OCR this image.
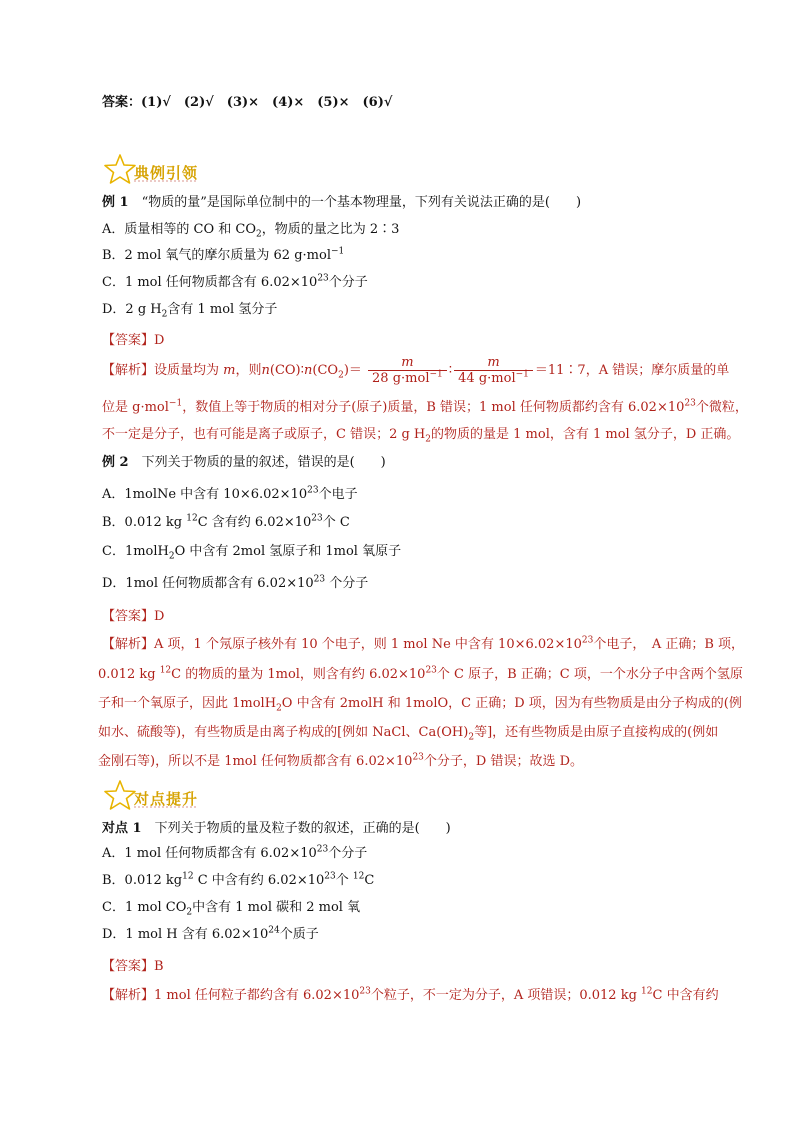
答案：(1)√　(2)√　(3)×　(4)×　(5)×　(6)√
典例引领
例 1　“物质的量”是国际单位制中的一个基本物理量，下列有关说法正确的是(　　)
A．质量相等的 CO 和 $CO_2$，物质的量之比为 2∶3
B．2 mol 氧气的摩尔质量为 62 g·mol$^{-1}$
C．1 mol 任何物质都含有 $6.02\times 10^{23}$个分子
D．2 g $H_2$含有 1 mol 氢分子
【答案】D
【解析】设质量均为 m，则$n(CO)∶n(CO_2)= \frac{m}{28 g\cdot mol^{-1}}$ ∶ $\frac{m}{44 g\cdot mol^{-1}}$ ＝11∶7，A 错误；摩尔质量的单
位是 g·mol$^{-1}$，数值上等于物质的相对分子(原子)质量，B 错误；1 mol 任何物质都约含有 $6.02\times 10^{23}$个微粒，
不一定是分子，也有可能是离子或原子，C 错误；2 g $H_2$的物质的量是 1 mol，含有 1 mol 氢分子，D 正确。
例 2　下列关于物质的量的叙述，错误的是(　　)
A．1molNe 中含有 $10\times 6.02\times 10^{23}$个电子
B．0.012 kg $^{12}$C 含有约 $6.02\times 10^{23}$个 C
C．1molH$_2$O 中含有 2mol 氢原子和 1mol 氧原子
D．1mol 任何物质都含有 $6.02\times 10^{23}$ 个分子
【答案】D
【解析】A 项，1 个氖原子核外有 10 个电子，则 1 mol Ne 中含有 $10\times 6.02\times 10^{23}$个电子，　A 正确；B 项，
0.012 kg $^{12}$C 的物质的量为 1mol，则含有约 $6.02\times 10^{23}$个 C 原子，B 正确；C 项，一个水分子中含两个氢原
子和一个氧原子，因此 1molH$_2$O 中含有 2molH 和 1molO，C 正确；D 项，因为有些物质是由分子构成的(例
如水、硫酸等)，有些物质是由离子构成的[例如 NaCl、$Ca(OH)_2$等]，还有些物质是由原子直接构成的(例如
金刚石等)，所以不是 1mol 任何物质都含有 $6.02\times 10^{23}$个分子，D 错误；故选 D。
对点提升
对点 1　下列关于物质的量及粒子数的叙述，正确的是(　　)
A．1 mol 任何物质都含有 $6.02\times 10^{23}$个分子
B．0.012 $kg^{12}$ C 中含有约 $6.02\times 10^{23}$个 $^{12}$C
C．1 mol $CO_2$中含有 1 mol 碳和 2 mol 氧
D．1 mol H 含有 $6.02\times 10^{24}$个质子
【答案】B
【解析】1 mol 任何粒子都约含有 $6.02\times 10^{23}$个粒子，不一定为分子，A 项错误；0.012 kg $^{12}$C 中含有约
